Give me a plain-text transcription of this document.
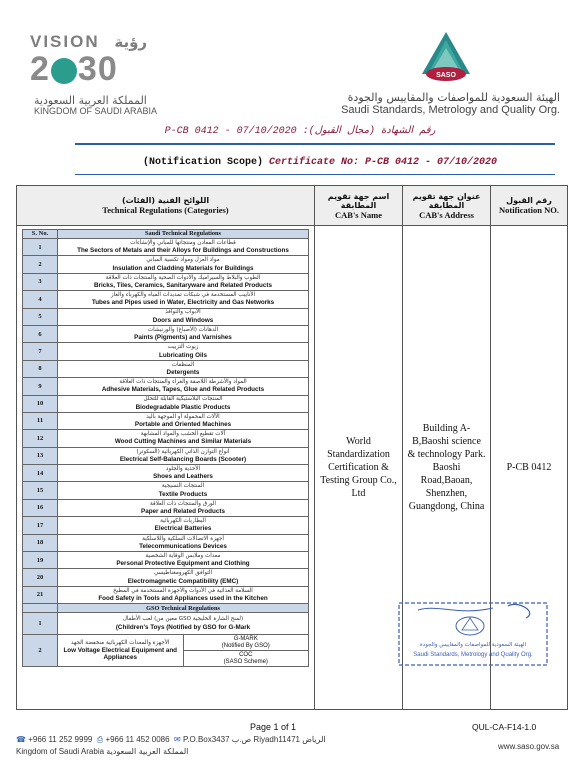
VISION رؤية
2 30
المملكة العربية السعودية
KINGDOM OF SAUDI ARABIA
SASO
الهيئة السعودية للمواصفات والمقاييس والجودة
Saudi Standards, Metrology and Quality Org.
P-CB 0412 - 07/10/2020 :رقم الشهادة (مجال القبول)
(Notification Scope) Certificate No: P-CB 0412 - 07/10/2020
اللوائح الفنية (الفئات)
Technical Regulations (Categories)
اسم جهة تقويم المطابقة
CAB's Name
عنوان جهة تقويم المطابقة
CAB's Address
رقم القبول
Notification NO.
World Standardization Certification & Testing Group Co., Ltd
Building A-B,Baoshi science & technology Park. Baoshi Road,Baoan, Shenzhen, Guangdong, China
P-CB 0412
S. No.	Saudi Technical Regulations	
1	قطاعات المعادن ومنتجاتها للمباني والإنشاءات
The Sectors of Metals and their Alloys for Buildings and Constructions	

2	مواد العزل ومواد تكسية المباني
Insulation and Cladding Materials for Buildings	

3	الطوب والبلاط والسيراميك والأدوات الصحية والمنتجات ذات العلاقة
Bricks, Tiles, Ceramics, Sanitaryware and Related Products	

4	الأنابيب المستخدمة في شبكات تمديدات المياه والكهرباء والغاز
Tubes and Pipes used in Water, Electricity and Gas Networks	

5	الأبواب والنوافذ
Doors and Windows	

6	الدهانات (الأصباغ) والورنيشات
Paints (Pigments) and Varnishes	

7	زيوت التزييت
Lubricating Oils	

8	المنظفات
Detergents	

9	المواد والأشرطة اللاصقة والغراء والمنتجات ذات العلاقة
Adhesive Materials, Tapes, Glue and Related Products	

10	المنتجات البلاستيكية القابلة للتحلل
Biodegradable Plastic Products	

11	الآلات المحمولة أو الموجهة باليد
Portable and Oriented Machines	

12	آلات تقطيع الخشب والمواد المشابهة
Wood Cutting Machines and Similar Materials	

13	أنواع التوازن الذاتي الكهربائية (السكوتر)
Electrical Self-Balancing Boards (Scooter)	

14	الأحذية والجلود
Shoes and Leathers	

15	المنتجات النسيجية
Textile Products	

16	الورق والمنتجات ذات العلاقة
Paper and Related Products	

17	البطاريات الكهربائية
Electrical Batteries	

18	أجهزة الاتصالات السلكية واللاسلكية
Telecommunications Devices	

19	معدات وملابس الوقاية الشخصية
Personal Protective Equipment and Clothing	

20	التوافق الكهرومغناطيسي
Electromagnetic Compatibility (EMC)	

21	السلامة الغذائية في الأدوات والأجهزة المستخدمة في المطبخ
Food Safety in Tools and Appliances used in the Kitchen	

	GSO Technical Regulations	
1	لعب الأطفال (معين من GSO لمنح الشارة الخليجية)
(Children's Toys (Notified by GSO for G-Mark	

2	الأجهزة والمعدات الكهربائية منخفضة الجهد
Low Voltage Electrical Equipment and Appliances	G-MARK
(Notified By GSO)
		COC
(SASO Scheme)
الهيئة السعودية للمواصفات والمقاييس والجودة
Saudi Standards, Metrology and Quality Org.
Page 1 of 1	QUL-CA-F14-1.0
☎ +966 11 252 9999 ⎙ +966 11 452 0086 ✉ P.O.Box3437 ص.ب Riyadh11471 الرياض
Kingdom of Saudi Arabia المملكة العربية السعودية
www.saso.gov.sa
